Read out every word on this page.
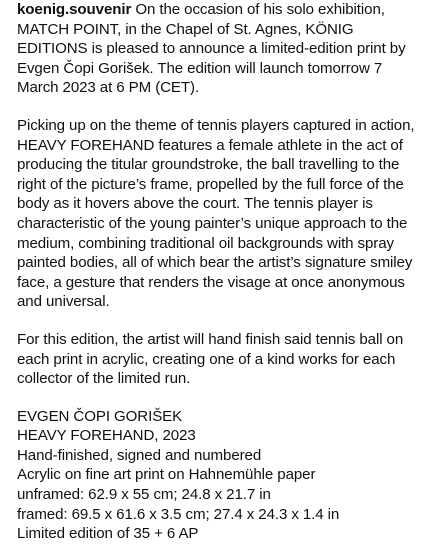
koenig.souvenir On the occasion of his solo exhibition, MATCH POINT, in the Chapel of St. Agnes, KÖNIG EDITIONS is pleased to announce a limited-edition print by Evgen Čopi Gorišek. The edition will launch tomorrow 7 March 2023 at 6 PM (CET).

Picking up on the theme of tennis players captured in action, HEAVY FOREHAND features a female athlete in the act of producing the titular groundstroke, the ball travelling to the right of the picture’s frame, propelled by the full force of the body as it hovers above the court. The tennis player is characteristic of the young painter’s unique approach to the medium, combining traditional oil backgrounds with spray painted bodies, all of which bear the artist’s signature smiley face, a gesture that renders the visage at once anonymous and universal.

For this edition, the artist will hand finish said tennis ball on each print in acrylic, creating one of a kind works for each collector of the limited run.

EVGEN ČOPI GORIŠEK
HEAVY FOREHAND, 2023
Hand-finished, signed and numbered
Acrylic on fine art print on Hahnemühle paper
unframed: 62.9 x 55 cm; 24.8 x 21.7 in
framed: 69.5 x 61.6 x 3.5 cm; 27.4 x 24.3 x 1.4 in
Limited edition of 35 + 6 AP
